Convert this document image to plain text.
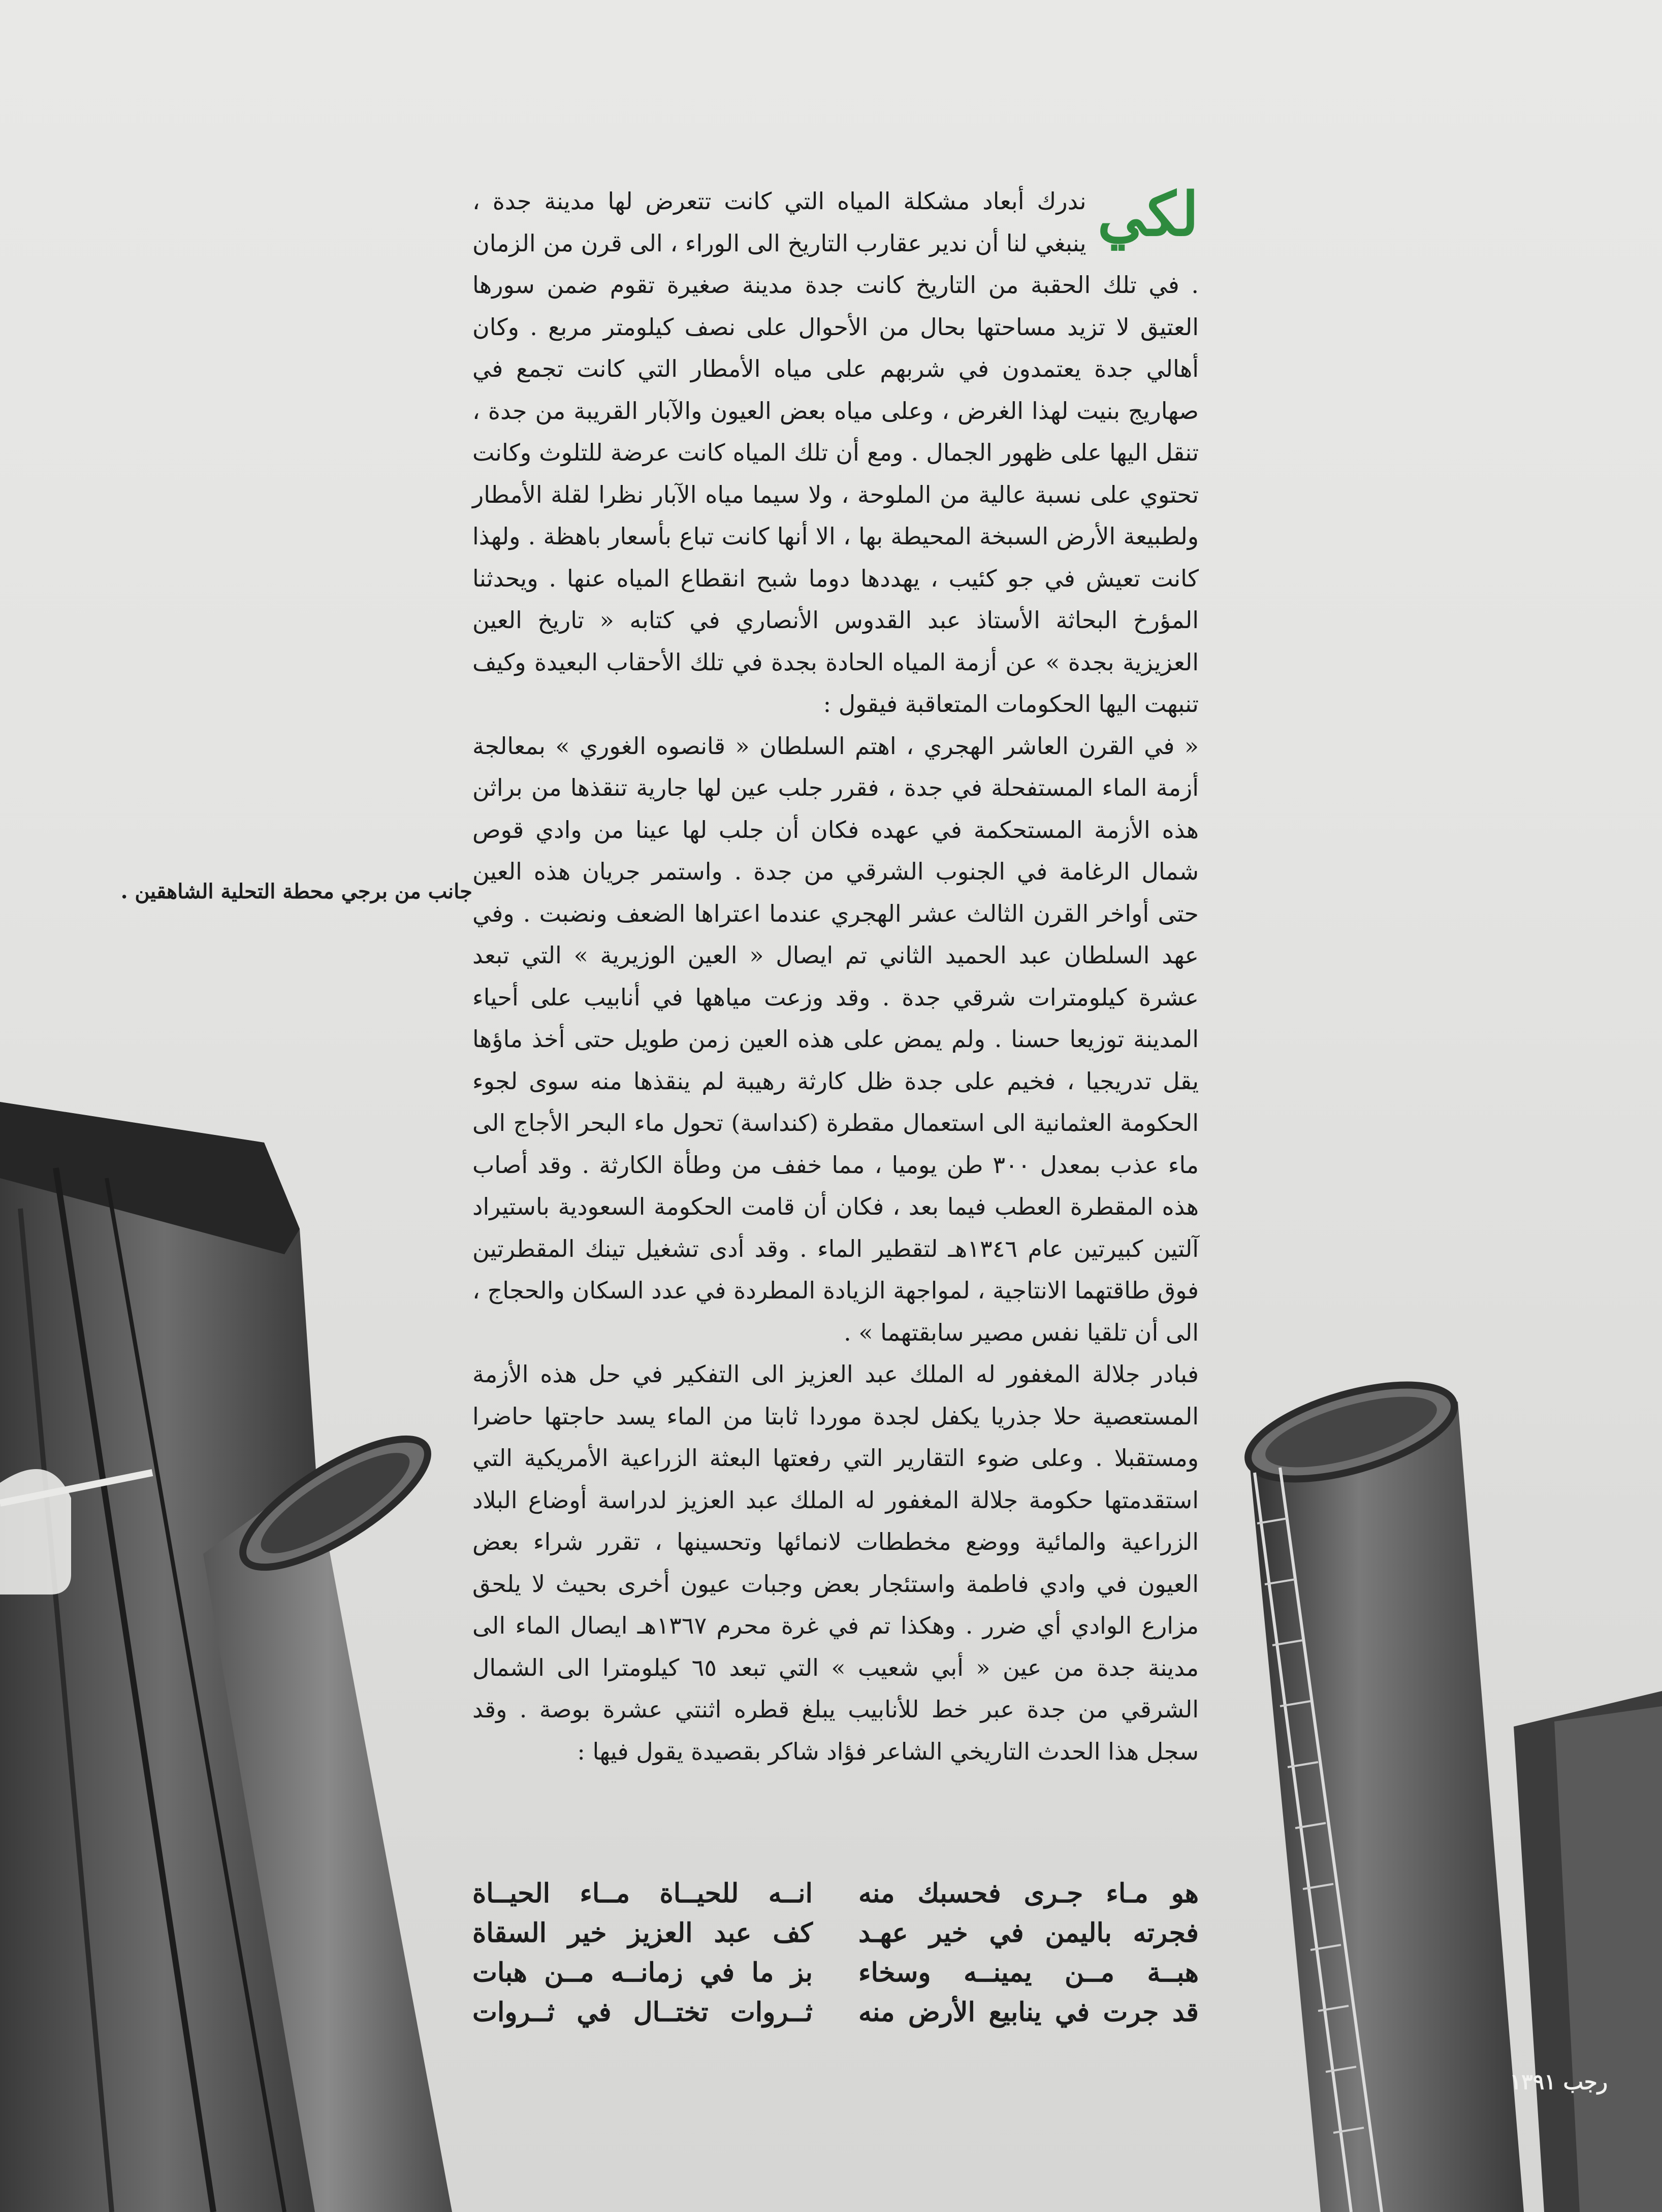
لكي

ندرك أبعاد مشكلة المياه التي كانت تتعرض لها مدينة جدة ، ينبغي لنا أن ندير عقارب التاريخ الى الوراء ، الى قرن من الزمان . في تلك الحقبة من التاريخ كانت جدة مدينة صغيرة تقوم ضمن سورها العتيق لا تزيد مساحتها بحال من الأحوال على نصف كيلومتر مربع . وكان أهالي جدة يعتمدون في شربهم على مياه الأمطار التي كانت تجمع في صهاريج بنيت لهذا الغرض ، وعلى مياه بعض العيون والآبار القريبة من جدة ، تنقل اليها على ظهور الجمال . ومع أن تلك المياه كانت عرضة للتلوث وكانت تحتوي على نسبة عالية من الملوحة ، ولا سيما مياه الآبار نظرا لقلة الأمطار ولطبيعة الأرض السبخة المحيطة بها ، الا أنها كانت تباع بأسعار باهظة . ولهذا كانت تعيش في جو كئيب ، يهددها دوما شبح انقطاع المياه عنها . ويحدثنا المؤرخ البحاثة الأستاذ عبد القدوس الأنصاري في كتابه « تاريخ العين العزيزية بجدة » عن أزمة المياه الحادة بجدة في تلك الأحقاب البعيدة وكيف تنبهت اليها الحكومات المتعاقبة فيقول :

« في القرن العاشر الهجري ، اهتم السلطان « قانصوه الغوري » بمعالجة أزمة الماء المستفحلة في جدة ، فقرر جلب عين لها جارية تنقذها من براثن هذه الأزمة المستحكمة في عهده فكان أن جلب لها عينا من وادي قوص شمال الرغامة في الجنوب الشرقي من جدة . واستمر جريان هذه العين حتى أواخر القرن الثالث عشر الهجري عندما اعتراها الضعف ونضبت . وفي عهد السلطان عبد الحميد الثاني تم ايصال « العين الوزيرية » التي تبعد عشرة كيلومترات شرقي جدة . وقد وزعت مياهها في أنابيب على أحياء المدينة توزيعا حسنا . ولم يمض على هذه العين زمن طويل حتى أخذ ماؤها يقل تدريجيا ، فخيم على جدة ظل كارثة رهيبة لم ينقذها منه سوى لجوء الحكومة العثمانية الى استعمال مقطرة (كنداسة) تحول ماء البحر الأجاج الى ماء عذب بمعدل ٣٠٠ طن يوميا ، مما خفف من وطأة الكارثة . وقد أصاب هذه المقطرة العطب فيما بعد ، فكان أن قامت الحكومة السعودية باستيراد آلتين كبيرتين عام ١٣٤٦هـ لتقطير الماء . وقد أدى تشغيل تينك المقطرتين فوق طاقتهما الانتاجية ، لمواجهة الزيادة المطردة في عدد السكان والحجاج ، الى أن تلقيا نفس مصير سابقتهما » .

فبادر جلالة المغفور له الملك عبد العزيز الى التفكير في حل هذه الأزمة المستعصية حلا جذريا يكفل لجدة موردا ثابتا من الماء يسد حاجتها حاضرا ومستقبلا . وعلى ضوء التقارير التي رفعتها البعثة الزراعية الأمريكية التي استقدمتها حكومة جلالة المغفور له الملك عبد العزيز لدراسة أوضاع البلاد الزراعية والمائية ووضع مخططات لانمائها وتحسينها ، تقرر شراء بعض العيون في وادي فاطمة واستئجار بعض وجبات عيون أخرى بحيث لا يلحق مزارع الوادي أي ضرر . وهكذا تم في غرة محرم ١٣٦٧هـ ايصال الماء الى مدينة جدة من عين « أبي شعيب » التي تبعد ٦٥ كيلومترا الى الشمال الشرقي من جدة عبر خط للأنابيب يبلغ قطره اثنتي عشرة بوصة . وقد سجل هذا الحدث التاريخي الشاعر فؤاد شاكر بقصيدة يقول فيها :

هو مـاء جـرى فحسبك منه
انــه للحيــاة مــاء الحيــاة
فجرته باليمن في خير عهـد
كف عبد العزيز خير السقاة
هبــة مــن يمينــه وسخاء
بز ما في زمانــه مــن هبات
قد جرت في ينابيع الأرض منه
ثــروات تختــال في ثــروات
جانب من برجي محطة التحلية الشاهقين .
رجب ١٣٩١
